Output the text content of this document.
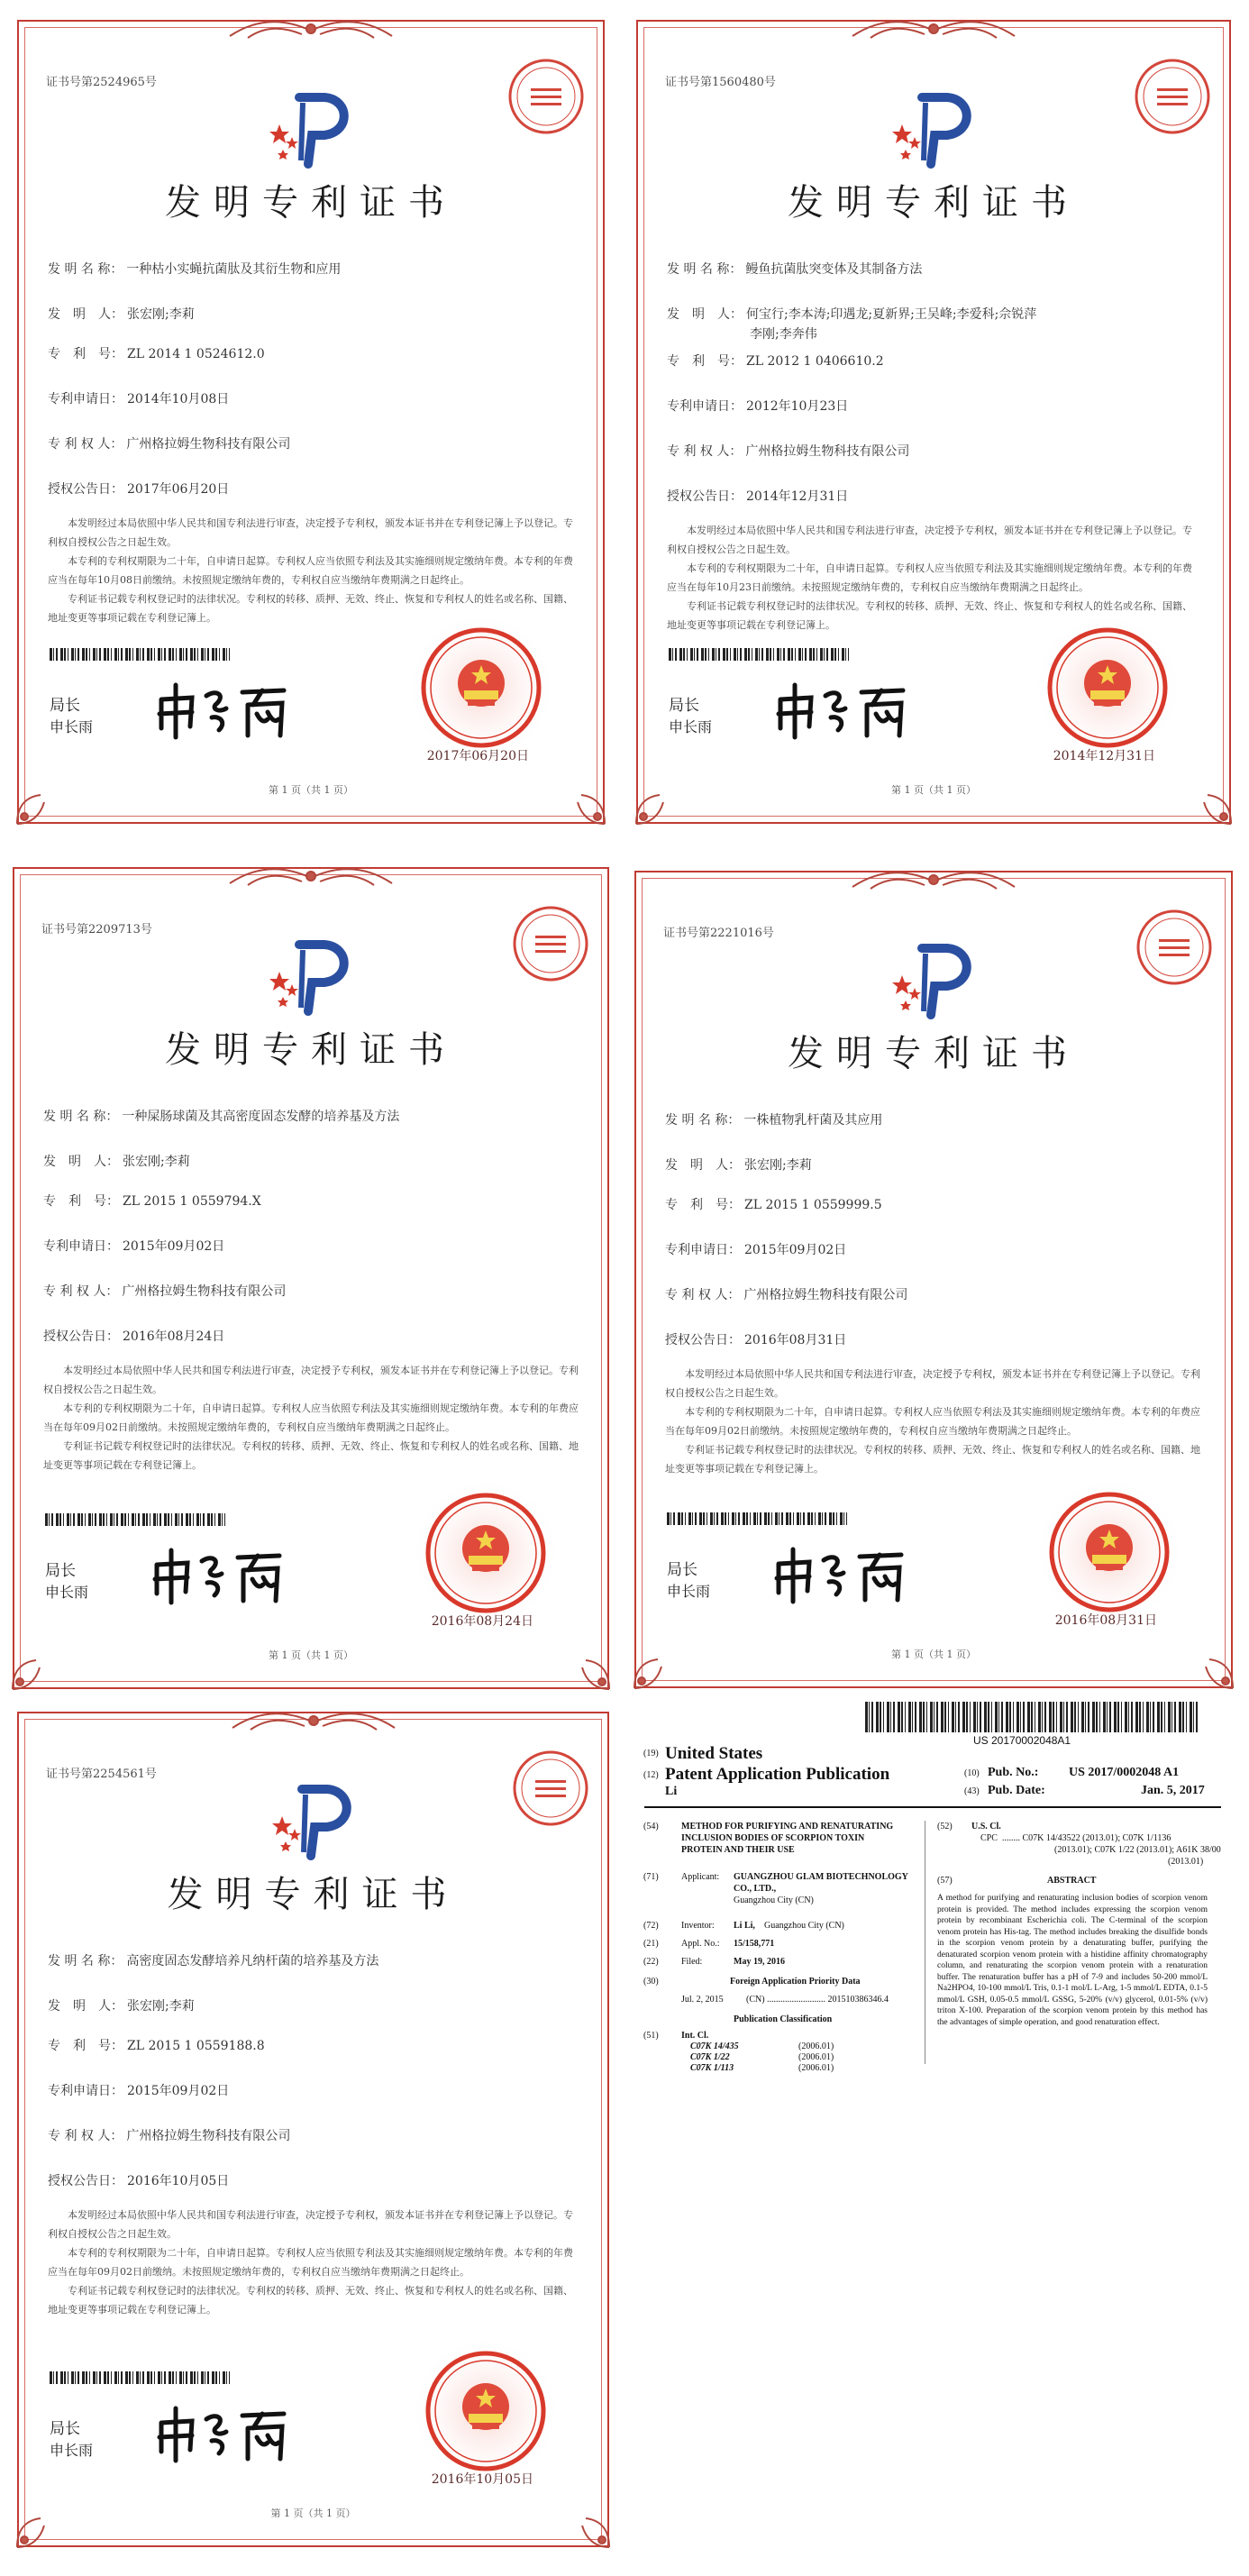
证书号第2524965号
发明专利证书
发 明 名 称： 一种枯小实蝇抗菌肽及其衍生物和应用
发　明　人： 张宏刚;李莉
专　利　号： ZL 2014 1 0524612.0
专利申请日： 2014年10月08日
专 利 权 人： 广州格拉姆生物科技有限公司
授权公告日： 2017年06月20日
本发明经过本局依照中华人民共和国专利法进行审查，决定授予专利权，颁发本证书并在专利登记簿上予以登记。专利权自授权公告之日起生效。
本专利的专利权期限为二十年，自申请日起算。专利权人应当依照专利法及其实施细则规定缴纳年费。本专利的年费应当在每年10月08日前缴纳。未按照规定缴纳年费的，专利权自应当缴纳年费期满之日起终止。
专利证书记载专利权登记时的法律状况。专利权的转移、质押、无效、终止、恢复和专利权人的姓名或名称、国籍、地址变更等事项记载在专利登记簿上。
局长
申长雨
2017年06月20日
第 1 页（共 1 页）
证书号第1560480号
发明专利证书
发 明 名 称： 鳗鱼抗菌肽突变体及其制备方法
发　明　人： 何宝行;李本涛;印遇龙;夏新界;王吴峰;李爱科;佘锐萍
李刚;李奔伟
专　利　号： ZL 2012 1 0406610.2
专利申请日： 2012年10月23日
专 利 权 人： 广州格拉姆生物科技有限公司
授权公告日： 2014年12月31日
本发明经过本局依照中华人民共和国专利法进行审查，决定授予专利权，颁发本证书并在专利登记簿上予以登记。专利权自授权公告之日起生效。
本专利的专利权期限为二十年，自申请日起算。专利权人应当依照专利法及其实施细则规定缴纳年费。本专利的年费应当在每年10月23日前缴纳。未按照规定缴纳年费的，专利权自应当缴纳年费期满之日起终止。
专利证书记载专利权登记时的法律状况。专利权的转移、质押、无效、终止、恢复和专利权人的姓名或名称、国籍、地址变更等事项记载在专利登记簿上。
局长
申长雨
2014年12月31日
第 1 页（共 1 页）
证书号第2209713号
发明专利证书
发 明 名 称： 一种屎肠球菌及其高密度固态发酵的培养基及方法
发　明　人： 张宏刚;李莉
专　利　号： ZL 2015 1 0559794.X
专利申请日： 2015年09月02日
专 利 权 人： 广州格拉姆生物科技有限公司
授权公告日： 2016年08月24日
本发明经过本局依照中华人民共和国专利法进行审查，决定授予专利权，颁发本证书并在专利登记簿上予以登记。专利权自授权公告之日起生效。
本专利的专利权期限为二十年，自申请日起算。专利权人应当依照专利法及其实施细则规定缴纳年费。本专利的年费应当在每年09月02日前缴纳。未按照规定缴纳年费的，专利权自应当缴纳年费期满之日起终止。
专利证书记载专利权登记时的法律状况。专利权的转移、质押、无效、终止、恢复和专利权人的姓名或名称、国籍、地址变更等事项记载在专利登记簿上。
局长
申长雨
2016年08月24日
第 1 页（共 1 页）
证书号第2221016号
发明专利证书
发 明 名 称： 一株植物乳杆菌及其应用
发　明　人： 张宏刚;李莉
专　利　号： ZL 2015 1 0559999.5
专利申请日： 2015年09月02日
专 利 权 人： 广州格拉姆生物科技有限公司
授权公告日： 2016年08月31日
本发明经过本局依照中华人民共和国专利法进行审查，决定授予专利权，颁发本证书并在专利登记簿上予以登记。专利权自授权公告之日起生效。
本专利的专利权期限为二十年，自申请日起算。专利权人应当依照专利法及其实施细则规定缴纳年费。本专利的年费应当在每年09月02日前缴纳。未按照规定缴纳年费的，专利权自应当缴纳年费期满之日起终止。
专利证书记载专利权登记时的法律状况。专利权的转移、质押、无效、终止、恢复和专利权人的姓名或名称、国籍、地址变更等事项记载在专利登记簿上。
局长
申长雨
2016年08月31日
第 1 页（共 1 页）
证书号第2254561号
发明专利证书
发 明 名 称： 高密度固态发酵培养凡纳杆菌的培养基及方法
发　明　人： 张宏刚;李莉
专　利　号： ZL 2015 1 0559188.8
专利申请日： 2015年09月02日
专 利 权 人： 广州格拉姆生物科技有限公司
授权公告日： 2016年10月05日
本发明经过本局依照中华人民共和国专利法进行审查，决定授予专利权，颁发本证书并在专利登记簿上予以登记。专利权自授权公告之日起生效。
本专利的专利权期限为二十年，自申请日起算。专利权人应当依照专利法及其实施细则规定缴纳年费。本专利的年费应当在每年09月02日前缴纳。未按照规定缴纳年费的，专利权自应当缴纳年费期满之日起终止。
专利证书记载专利权登记时的法律状况。专利权的转移、质押、无效、终止、恢复和专利权人的姓名或名称、国籍、地址变更等事项记载在专利登记簿上。
局长
申长雨
2016年10月05日
第 1 页（共 1 页）
US 20170002048A1
(19) United States
(12) Patent Application Publication
Li
(10) Pub. No.: US 2017/0002048 A1
(43) Pub. Date:	Jan. 5, 2017
(54)	METHOD FOR PURIFYING AND RENATURATING INCLUSION BODIES OF SCORPION TOXIN PROTEIN AND THEIR USE
(71)	Applicant: GUANGZHOU GLAM BIOTECHNOLOGY CO., LTD.,
Guangzhou City (CN)
(72)	Inventor: Li Li, Guangzhou City (CN)
(21)	Appl. No.: 15/158,771
(22)	Filed:	May 19, 2016
(30)	Foreign Application Priority Data
Jul. 2, 2015	(CN) .......................... 201510386346.4
Publication Classification
(51)	Int. Cl.
C07K 14/435	(2006.01)
C07K 1/22	(2006.01)
C07K 1/113	(2006.01)
(52) U.S. Cl.
CPC ........ C07K 14/43522 (2013.01); C07K 1/1136
(2013.01); C07K 1/22 (2013.01); A61K 38/00
(2013.01)
(57)	ABSTRACT
A method for purifying and renaturating inclusion bodies of scorpion venom protein is provided. The method includes expressing the scorpion venom protein by recombinant Escherichia coli. The C-terminal of the scorpion venom protein has His-tag. The method includes breaking the disulfide bonds in the scorpion venom protein by a denaturating buffer, purifying the denaturated scorpion venom protein with a histidine affinity chromatography column, and renaturating the scorpion venom protein with a renaturation buffer. The renaturation buffer has a pH of 7-9 and includes 50-200 mmol/L Na2HPO4, 10-100 mmol/L Tris, 0.1-1 mol/L L-Arg, 1-5 mmol/L EDTA, 0.1-5 mmol/L GSH, 0.05-0.5 mmol/L GSSG, 5-20% (v/v) glycerol, 0.01-5% (v/v) triton X-100. Preparation of the scorpion venom protein by this method has the advantages of simple operation, and good renaturation effect.
